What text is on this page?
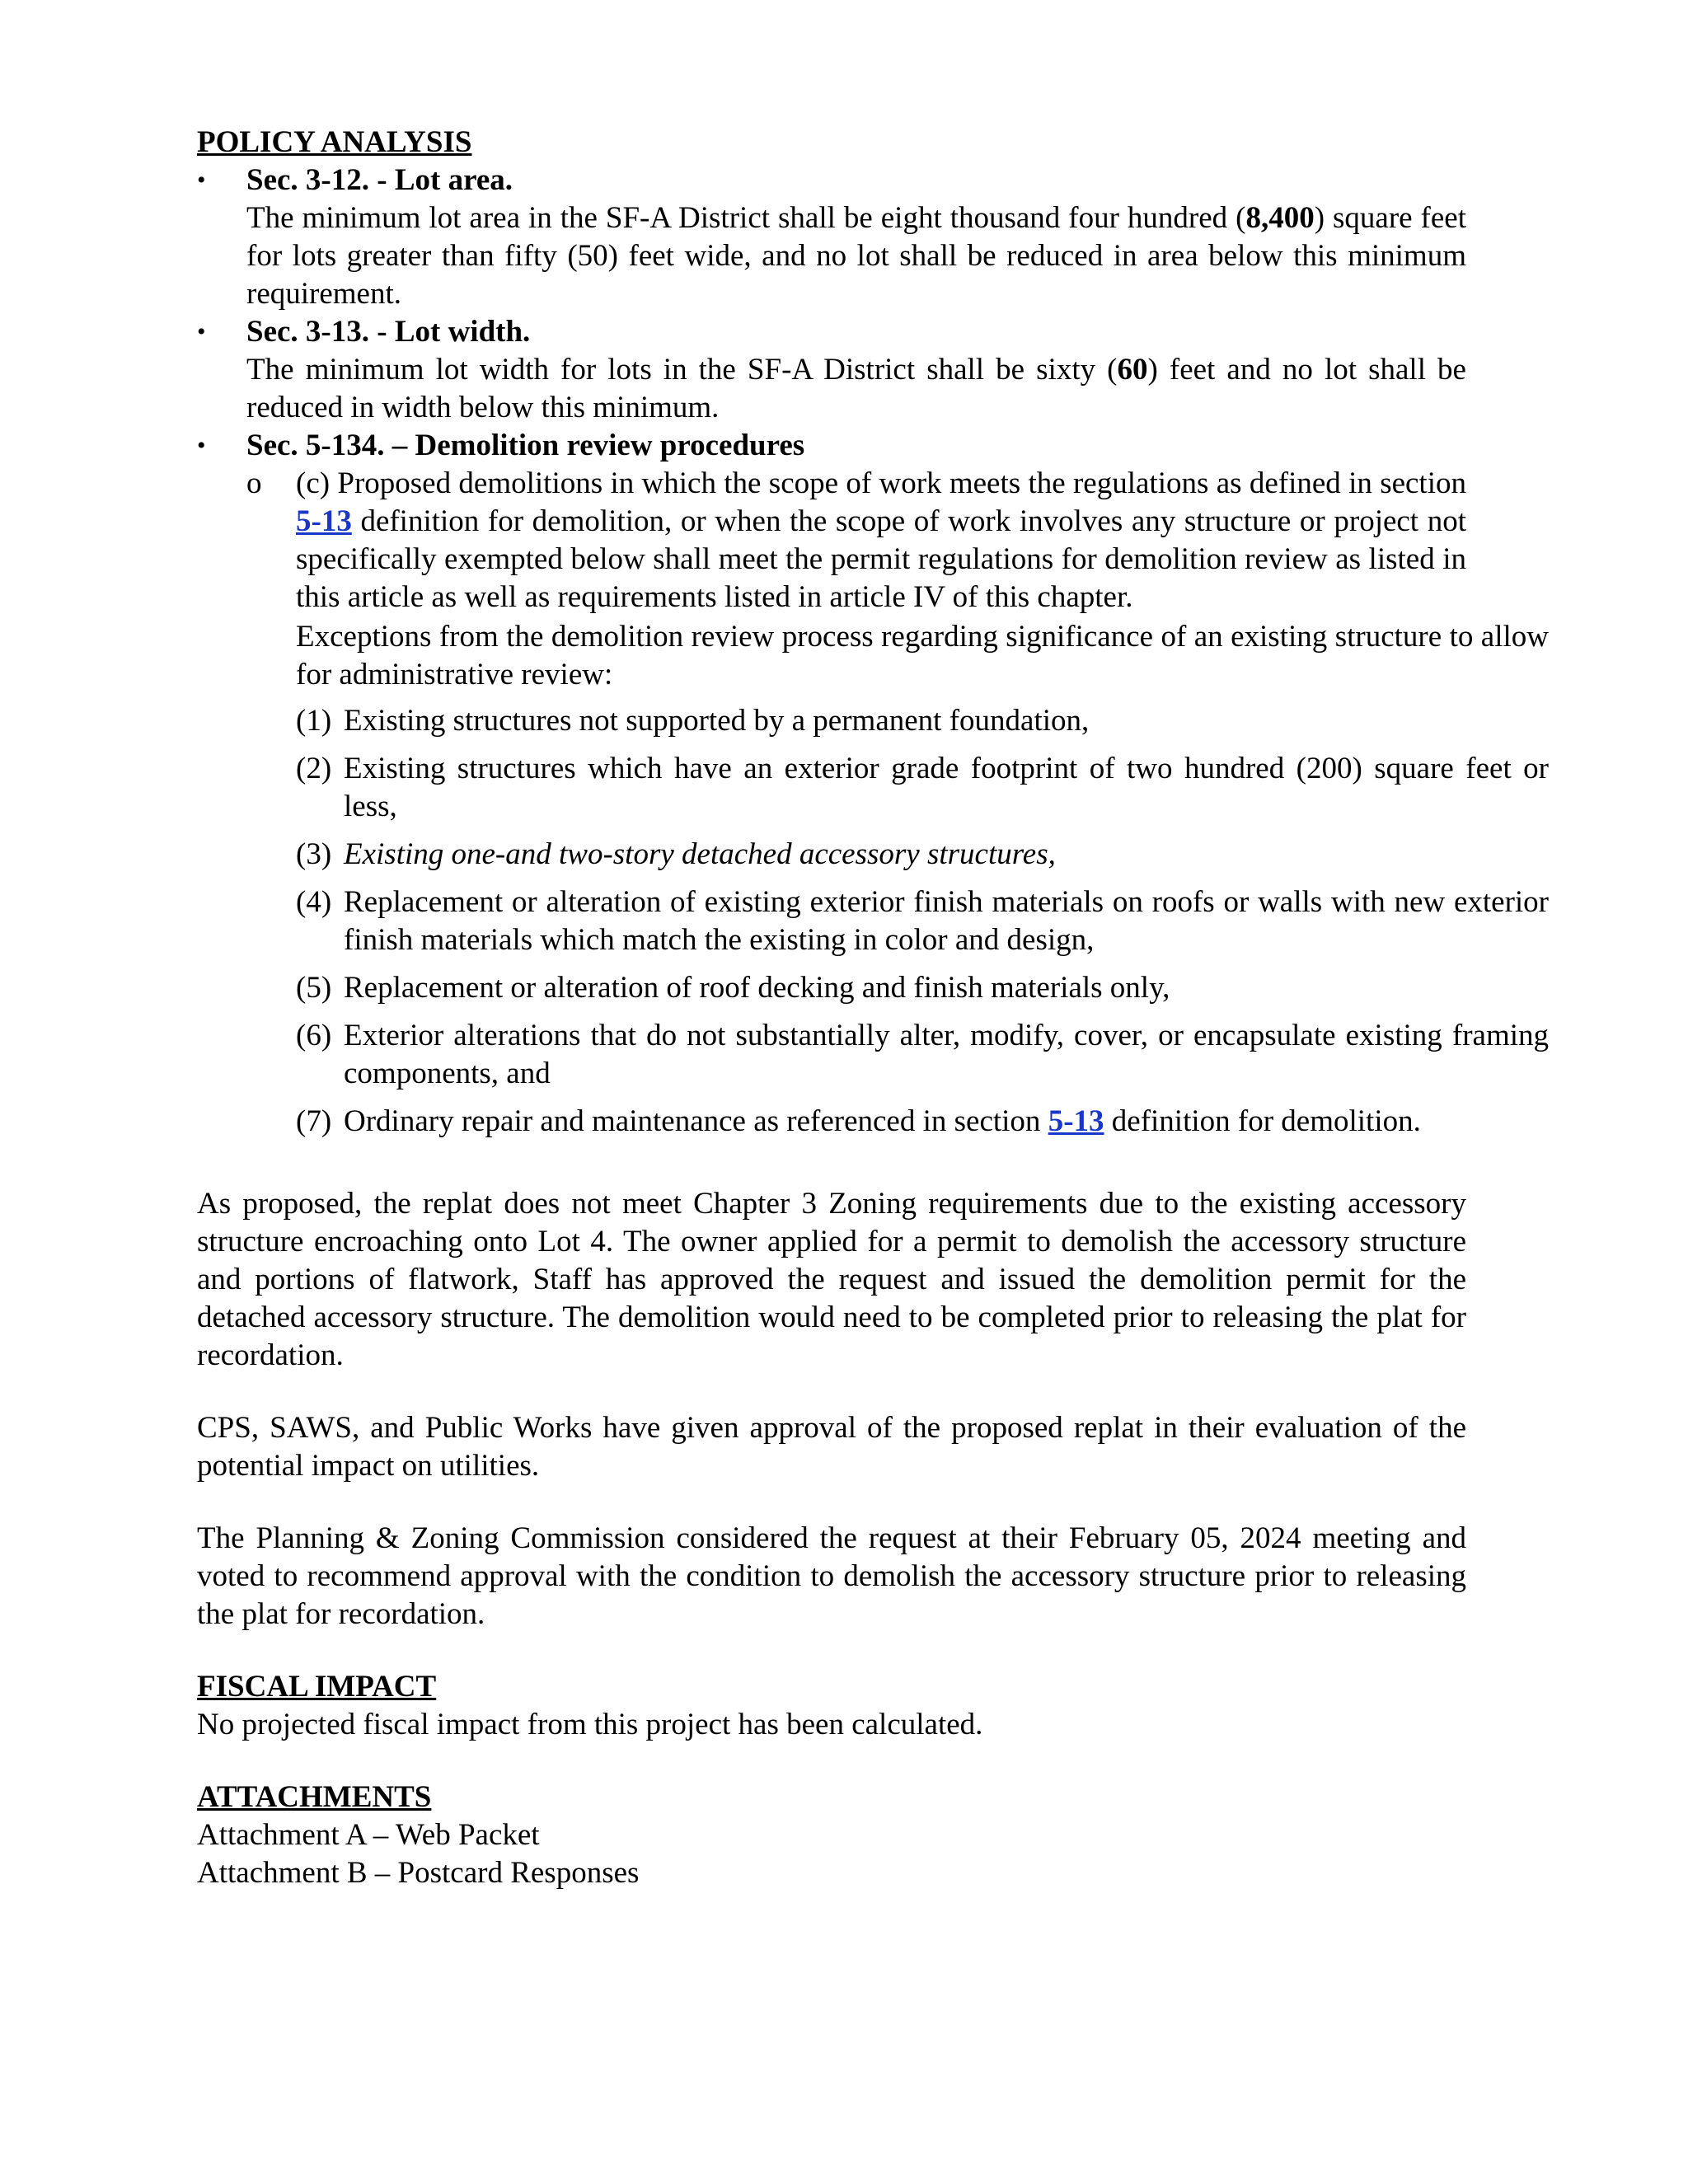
POLICY ANALYSIS
• Sec. 3-12. - Lot area.
The minimum lot area in the SF-A District shall be eight thousand four hundred (8,400) square feet for lots greater than fifty (50) feet wide, and no lot shall be reduced in area below this minimum requirement.
• Sec. 3-13. - Lot width.
The minimum lot width for lots in the SF-A District shall be sixty (60) feet and no lot shall be reduced in width below this minimum.
• Sec. 5-134. – Demolition review procedures
o (c) Proposed demolitions in which the scope of work meets the regulations as defined in section 5-13 definition for demolition, or when the scope of work involves any structure or project not specifically exempted below shall meet the permit regulations for demolition review as listed in this article as well as requirements listed in article IV of this chapter.
Exceptions from the demolition review process regarding significance of an existing structure to allow for administrative review:
(1) Existing structures not supported by a permanent foundation,
(2) Existing structures which have an exterior grade footprint of two hundred (200) square feet or less,
(3) Existing one-and two-story detached accessory structures,
(4) Replacement or alteration of existing exterior finish materials on roofs or walls with new exterior finish materials which match the existing in color and design,
(5) Replacement or alteration of roof decking and finish materials only,
(6) Exterior alterations that do not substantially alter, modify, cover, or encapsulate existing framing components, and
(7) Ordinary repair and maintenance as referenced in section 5-13 definition for demolition.
As proposed, the replat does not meet Chapter 3 Zoning requirements due to the existing accessory structure encroaching onto Lot 4. The owner applied for a permit to demolish the accessory structure and portions of flatwork, Staff has approved the request and issued the demolition permit for the detached accessory structure. The demolition would need to be completed prior to releasing the plat for recordation.
CPS, SAWS, and Public Works have given approval of the proposed replat in their evaluation of the potential impact on utilities.
The Planning & Zoning Commission considered the request at their February 05, 2024 meeting and voted to recommend approval with the condition to demolish the accessory structure prior to releasing the plat for recordation.
FISCAL IMPACT
No projected fiscal impact from this project has been calculated.
ATTACHMENTS
Attachment A – Web Packet
Attachment B – Postcard Responses
